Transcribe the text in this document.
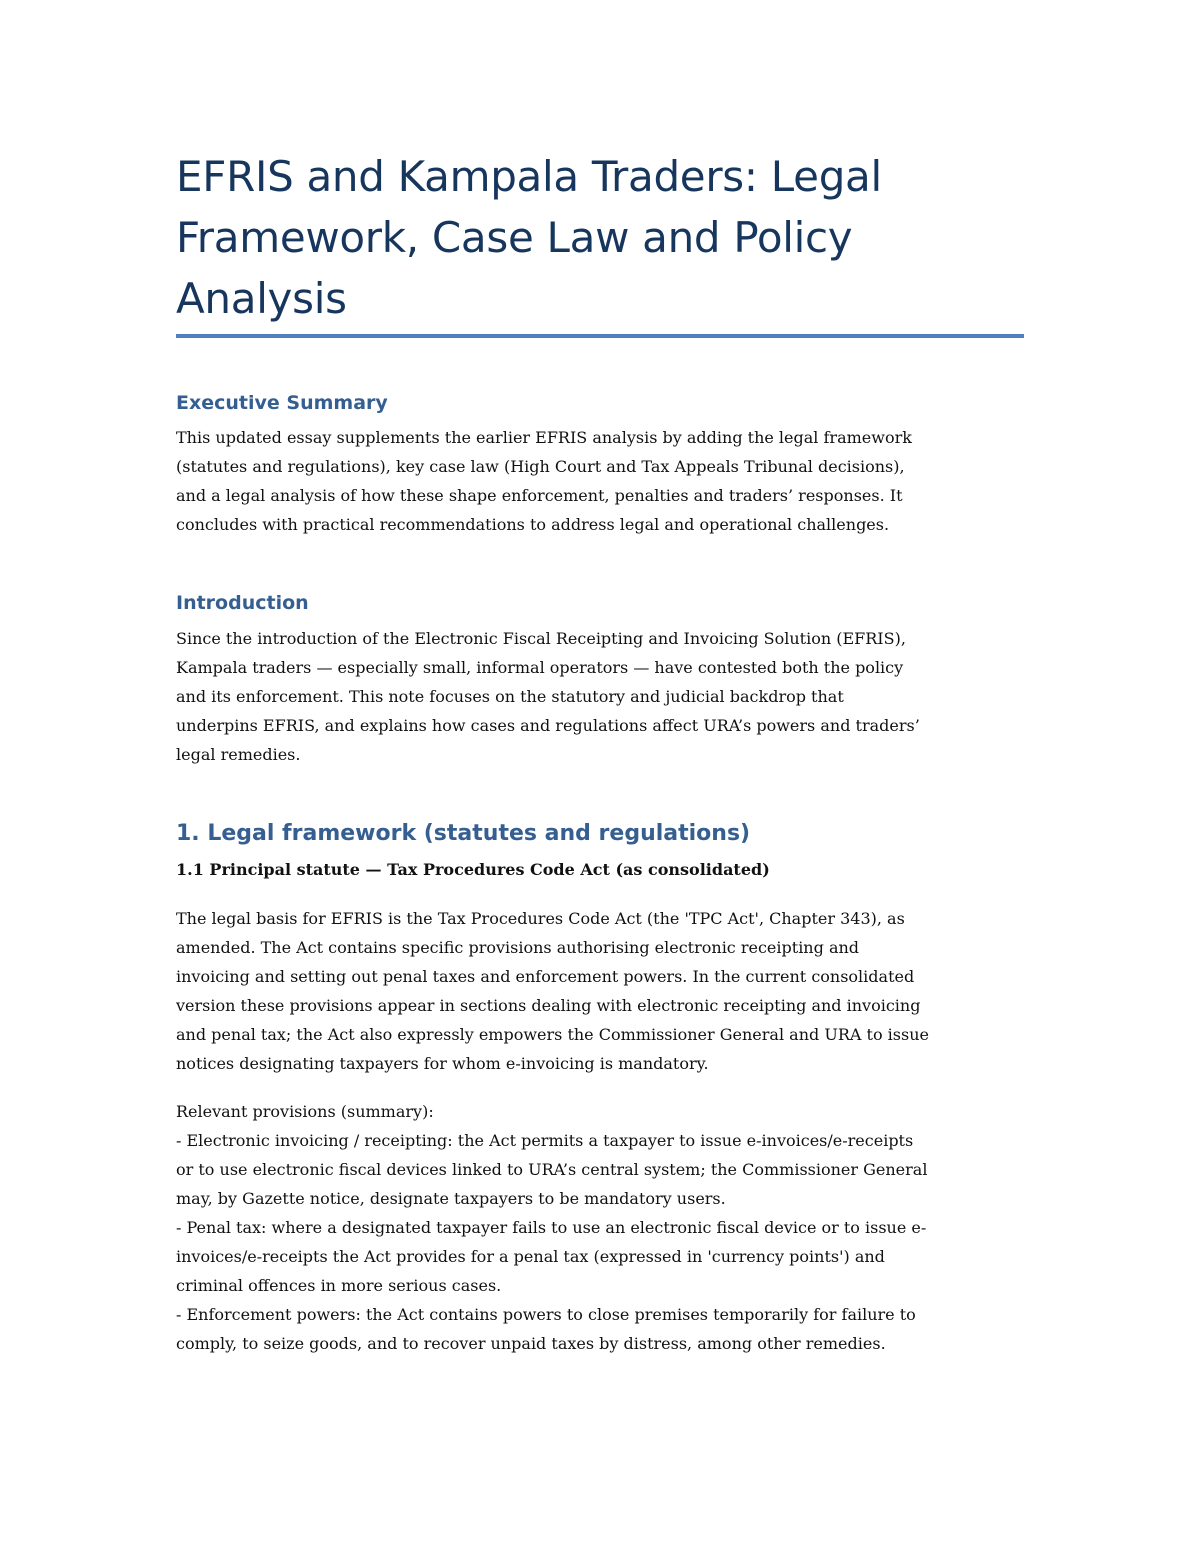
EFRIS and Kampala Traders: Legal
Framework, Case Law and Policy
Analysis
Executive Summary

This updated essay supplements the earlier EFRIS analysis by adding the legal framework
(statutes and regulations), key case law (High Court and Tax Appeals Tribunal decisions),
and a legal analysis of how these shape enforcement, penalties and traders’ responses. It
concludes with practical recommendations to address legal and operational challenges.

Introduction

Since the introduction of the Electronic Fiscal Receipting and Invoicing Solution (EFRIS),
Kampala traders — especially small, informal operators — have contested both the policy
and its enforcement. This note focuses on the statutory and judicial backdrop that
underpins EFRIS, and explains how cases and regulations affect URA’s powers and traders’
legal remedies.

1. Legal framework (statutes and regulations)
1.1 Principal statute — Tax Procedures Code Act (as consolidated)

The legal basis for EFRIS is the Tax Procedures Code Act (the 'TPC Act', Chapter 343), as
amended. The Act contains specific provisions authorising electronic receipting and
invoicing and setting out penal taxes and enforcement powers. In the current consolidated
version these provisions appear in sections dealing with electronic receipting and invoicing
and penal tax; the Act also expressly empowers the Commissioner General and URA to issue
notices designating taxpayers for whom e-invoicing is mandatory.

Relevant provisions (summary):
- Electronic invoicing / receipting: the Act permits a taxpayer to issue e-invoices/e-receipts
or to use electronic fiscal devices linked to URA’s central system; the Commissioner General
may, by Gazette notice, designate taxpayers to be mandatory users.
- Penal tax: where a designated taxpayer fails to use an electronic fiscal device or to issue e-
invoices/e-receipts the Act provides for a penal tax (expressed in 'currency points') and
criminal offences in more serious cases.
- Enforcement powers: the Act contains powers to close premises temporarily for failure to
comply, to seize goods, and to recover unpaid taxes by distress, among other remedies.
